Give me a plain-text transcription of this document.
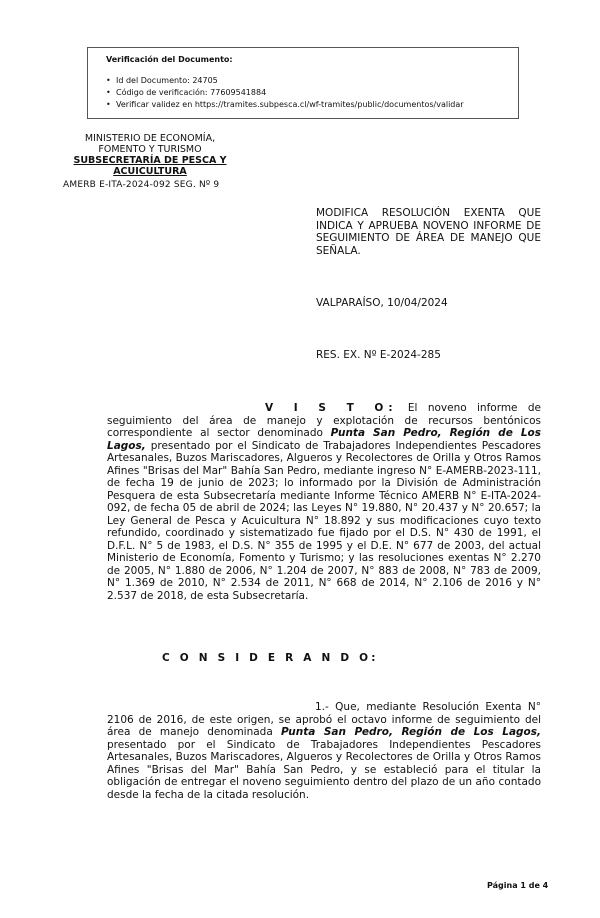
Verificación del Documento:
• Id del Documento: 24705
• Código de verificación: 77609541884
• Verificar validez en https://tramites.subpesca.cl/wf-tramites/public/documentos/validar
MINISTERIO DE ECONOMÍA,
FOMENTO Y TURISMO
SUBSECRETARÍA DE PESCA Y
ACUICULTURA
AMERB E-ITA-2024-092 SEG. Nº 9
MODIFICA RESOLUCIÓN EXENTA QUE INDICA Y APRUEBA NOVENO INFORME DE SEGUIMIENTO DE ÁREA DE MANEJO QUE SEÑALA.
VALPARAÍSO, 10/04/2024
RES. EX. Nº E-2024-285
V I S T O: El noveno informe de seguimiento del área de manejo y explotación de recursos bentónicos correspondiente al sector denominado Punta San Pedro, Región de Los Lagos, presentado por el Sindicato de Trabajadores Independientes Pescadores Artesanales, Buzos Mariscadores, Algueros y Recolectores de Orilla y Otros Ramos Afines "Brisas del Mar" Bahía San Pedro, mediante ingreso N° E-AMERB-2023-111, de fecha 19 de junio de 2023; lo informado por la División de Administración Pesquera de esta Subsecretaría mediante Informe Técnico AMERB N° E-ITA-2024-092, de fecha 05 de abril de 2024; las Leyes N° 19.880, N° 20.437 y N° 20.657; la Ley General de Pesca y Acuicultura N° 18.892 y sus modificaciones cuyo texto refundido, coordinado y sistematizado fue fijado por el D.S. N° 430 de 1991, el D.F.L. N° 5 de 1983, el D.S. N° 355 de 1995 y el D.E. N° 677 de 2003, del actual Ministerio de Economía, Fomento y Turismo; y las resoluciones exentas N° 2.270 de 2005, N° 1.880 de 2006, N° 1.204 de 2007, N° 883 de 2008, N° 783 de 2009, N° 1.369 de 2010, N° 2.534 de 2011, N° 668 de 2014, N° 2.106 de 2016 y N° 2.537 de 2018, de esta Subsecretaría.
C O N S I D E R A N D O:
1.- Que, mediante Resolución Exenta N° 2106 de 2016, de este origen, se aprobó el octavo informe de seguimiento del área de manejo denominada Punta San Pedro, Región de Los Lagos, presentado por el Sindicato de Trabajadores Independientes Pescadores Artesanales, Buzos Mariscadores, Algueros y Recolectores de Orilla y Otros Ramos Afines "Brisas del Mar" Bahía San Pedro, y se estableció para el titular la obligación de entregar el noveno seguimiento dentro del plazo de un año contado desde la fecha de la citada resolución.
Página 1 de 4
